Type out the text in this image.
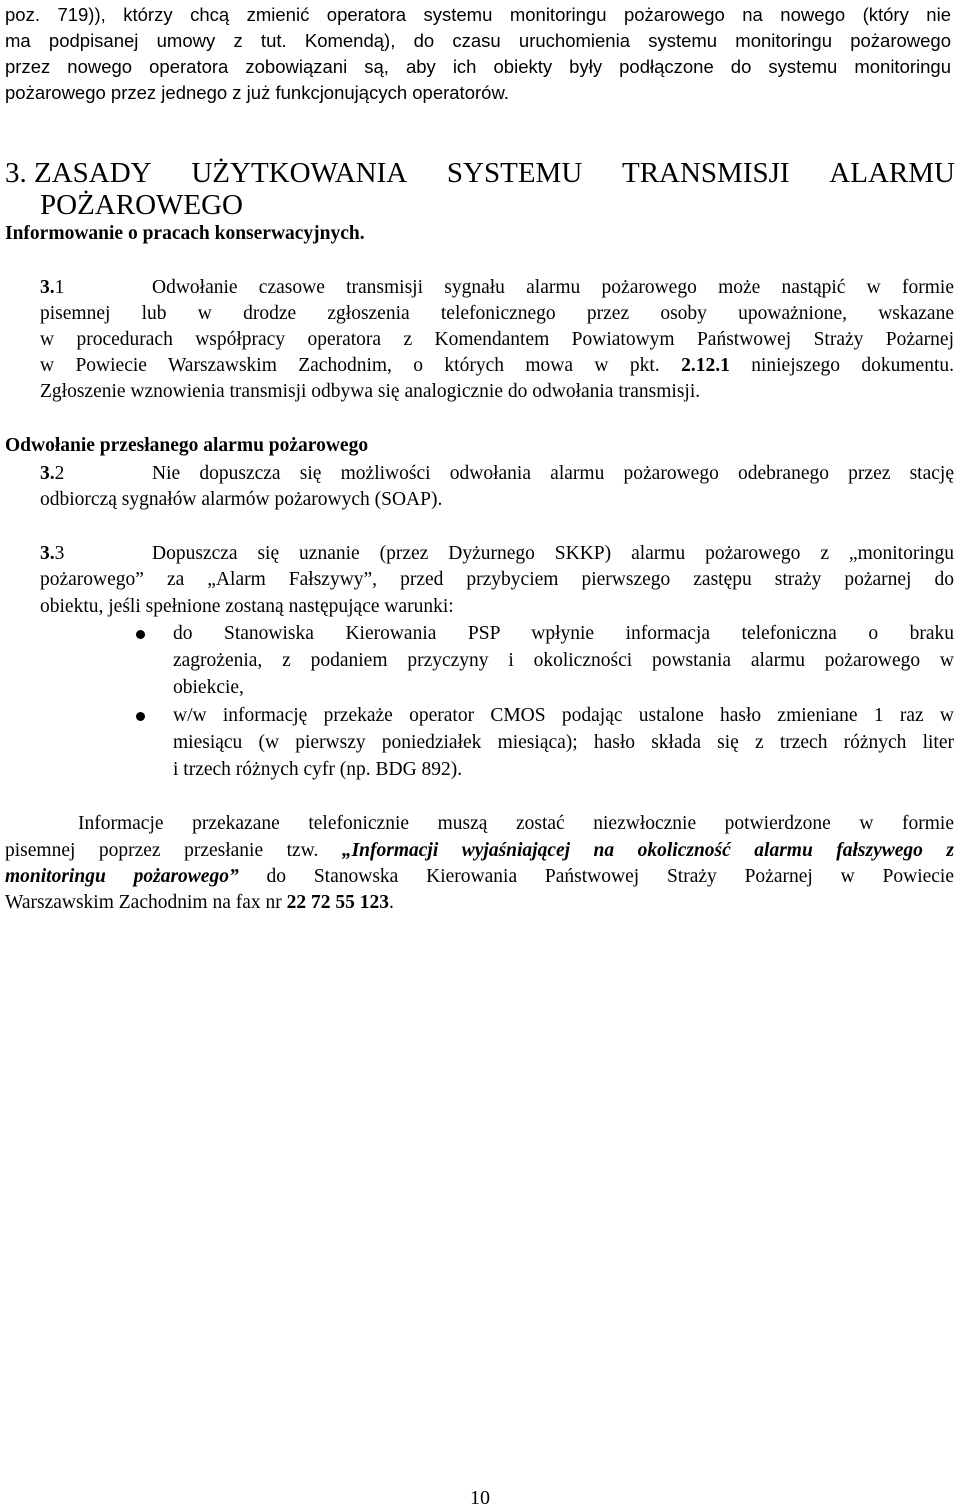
poz. 719)), którzy chcą zmienić operatora systemu monitoringu pożarowego na nowego (który nie
ma podpisanej umowy z tut. Komendą), do czasu uruchomienia systemu monitoringu pożarowego
przez nowego operatora zobowiązani są, aby ich obiekty były podłączone do systemu monitoringu
pożarowego przez jednego z już funkcjonujących operatorów.
3. ZASADY UŻYTKOWANIA SYSTEMU TRANSMISJI ALARMU
POŻAROWEGO
Informowanie o pracach konserwacyjnych.
3.1	Odwołanie czasowe transmisji sygnału alarmu pożarowego może nastąpić w formie
pisemnej lub w drodze zgłoszenia telefonicznego przez osoby upoważnione, wskazane
w procedurach współpracy operatora z Komendantem Powiatowym Państwowej Straży Pożarnej
w Powiecie Warszawskim Zachodnim, o których mowa w pkt. 2.12.1 niniejszego dokumentu.
Zgłoszenie wznowienia transmisji odbywa się analogicznie do odwołania transmisji.
Odwołanie przesłanego alarmu pożarowego
3.2	Nie dopuszcza się możliwości odwołania alarmu pożarowego odebranego przez stację
odbiorczą sygnałów alarmów pożarowych (SOAP).
3.3	Dopuszcza się uznanie (przez Dyżurnego SKKP) alarmu pożarowego z „monitoringu
pożarowego” za „Alarm Fałszywy”, przed przybyciem pierwszego zastępu straży pożarnej do
obiektu, jeśli spełnione zostaną następujące warunki:
do Stanowiska Kierowania PSP wpłynie informacja telefoniczna o braku
zagrożenia, z podaniem przyczyny i okoliczności powstania alarmu pożarowego w
obiekcie,
w/w informację przekaże operator CMOS podając ustalone hasło zmieniane 1 raz w
miesiącu (w pierwszy poniedziałek miesiąca); hasło składa się z trzech różnych liter
i trzech różnych cyfr (np. BDG 892).
Informacje przekazane telefonicznie muszą zostać niezwłocznie potwierdzone w formie
pisemnej poprzez przesłanie tzw. „Informacji wyjaśniającej na okoliczność alarmu fałszywego z
monitoringu pożarowego” do Stanowska Kierowania Państwowej Straży Pożarnej w Powiecie
Warszawskim Zachodnim na fax nr 22 72 55 123.
10
